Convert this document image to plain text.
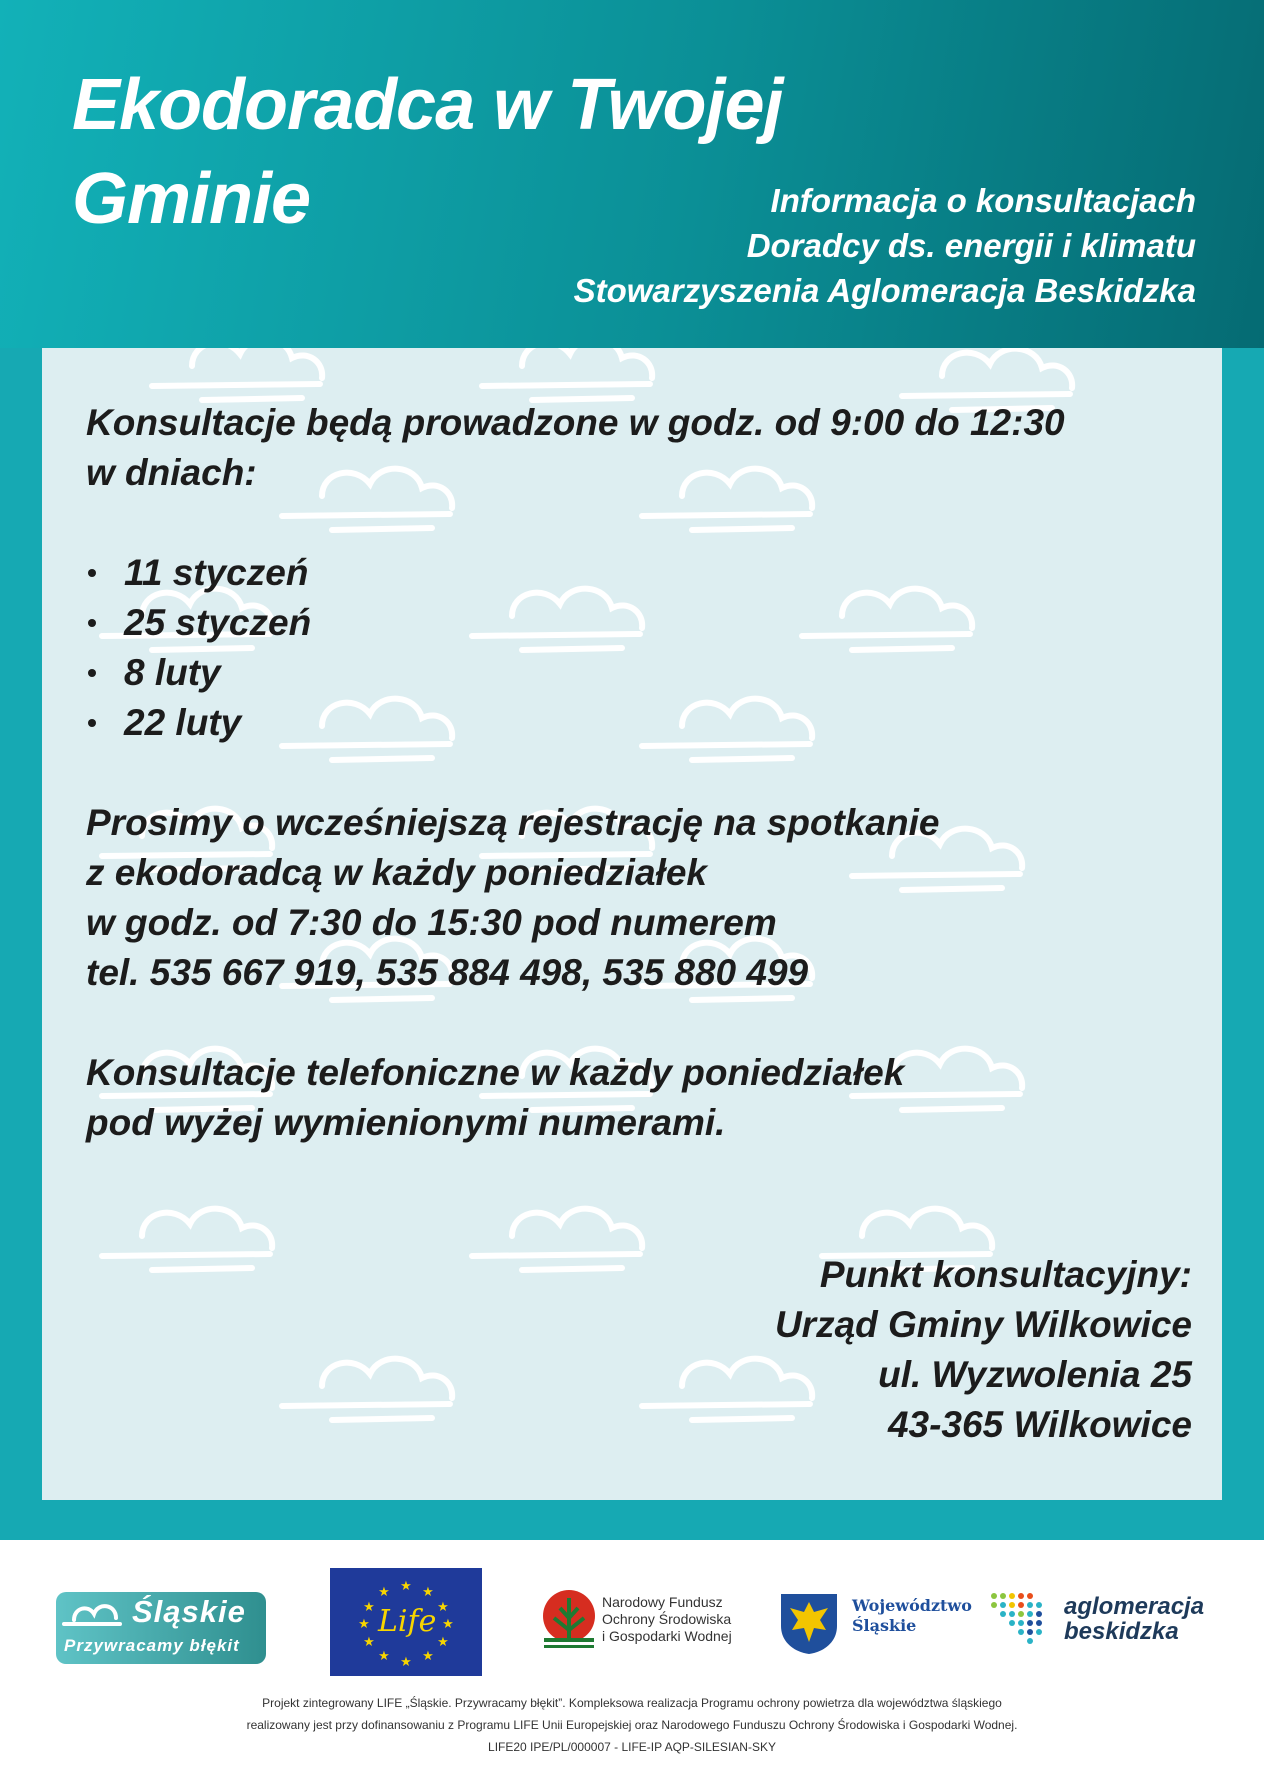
Ekodoradca w Twojej
Gminie	Informacja o konsultacjach
Doradcy ds. energii i klimatu
Stowarzyszenia Aglomeracja Beskidzka

Konsultacje będą prowadzone w godz. od 9:00 do 12:30

w dniach:

11 styczeń
25 styczeń
8 luty
22 luty

Prosimy o wcześniejszą rejestrację na spotkanie

z ekodoradcą w każdy poniedziałek

w godz. od 7:30 do 15:30 pod numerem

tel. 535 667 919, 535 884 498, 535 880 499

Konsultacje telefoniczne w każdy poniedziałek

pod wyżej wymienionymi numerami.

Punkt konsultacyjny:

Urząd Gminy Wilkowice

ul. Wyzwolenia 25

43-365 Wilkowice

Śląskie
Przywracamy błękit
★ ★
★
★
★
★
★
★
★
★
★
★
Life
Narodowy Fundusz
Ochrony Środowiska
i Gospodarki Wodnej
Województwo
Śląskie
aglomeracja
beskidzka

Projekt zintegrowany LIFE „Śląskie. Przywracamy błękit”. Kompleksowa realizacja Programu ochrony powietrza dla województwa śląskiego

realizowany jest przy dofinansowaniu z Programu LIFE Unii Europejskiej oraz Narodowego Funduszu Ochrony Środowiska i Gospodarki Wodnej.

LIFE20 IPE/PL/000007 - LIFE-IP AQP-SILESIAN-SKY
